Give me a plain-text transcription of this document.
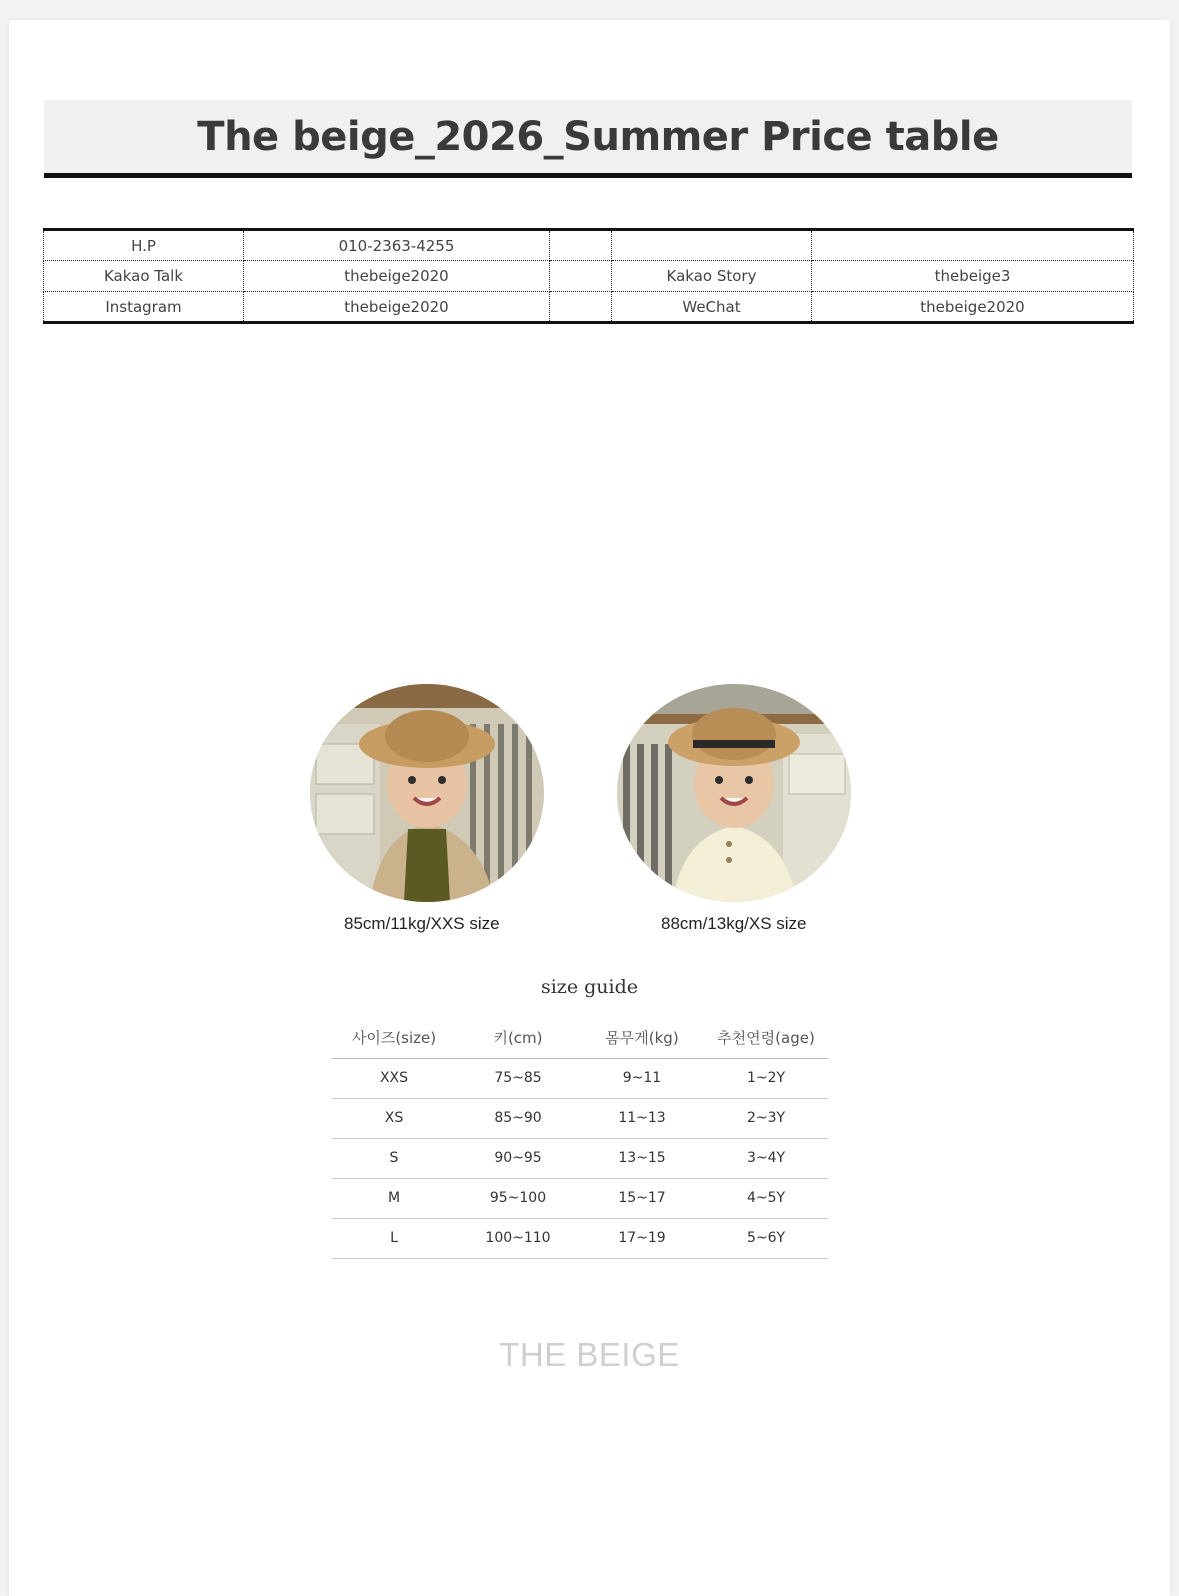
The beige_2026_Summer Price table
H.P	010-2363-4255			
Kakao Talk	thebeige2020		Kakao Story	thebeige3
Instagram	thebeige2020		WeChat	thebeige2020
85cm/11kg/XXS size	88cm/13kg/XS size
size guide
사이즈(size)	키(cm)	몸무게(kg)	추천연령(age)
XXS	75~85	9~11	1~2Y
XS	85~90	11~13	2~3Y
S	90~95	13~15	3~4Y
M	95~100	15~17	4~5Y
L	100~110	17~19	5~6Y
THE BEIGE
